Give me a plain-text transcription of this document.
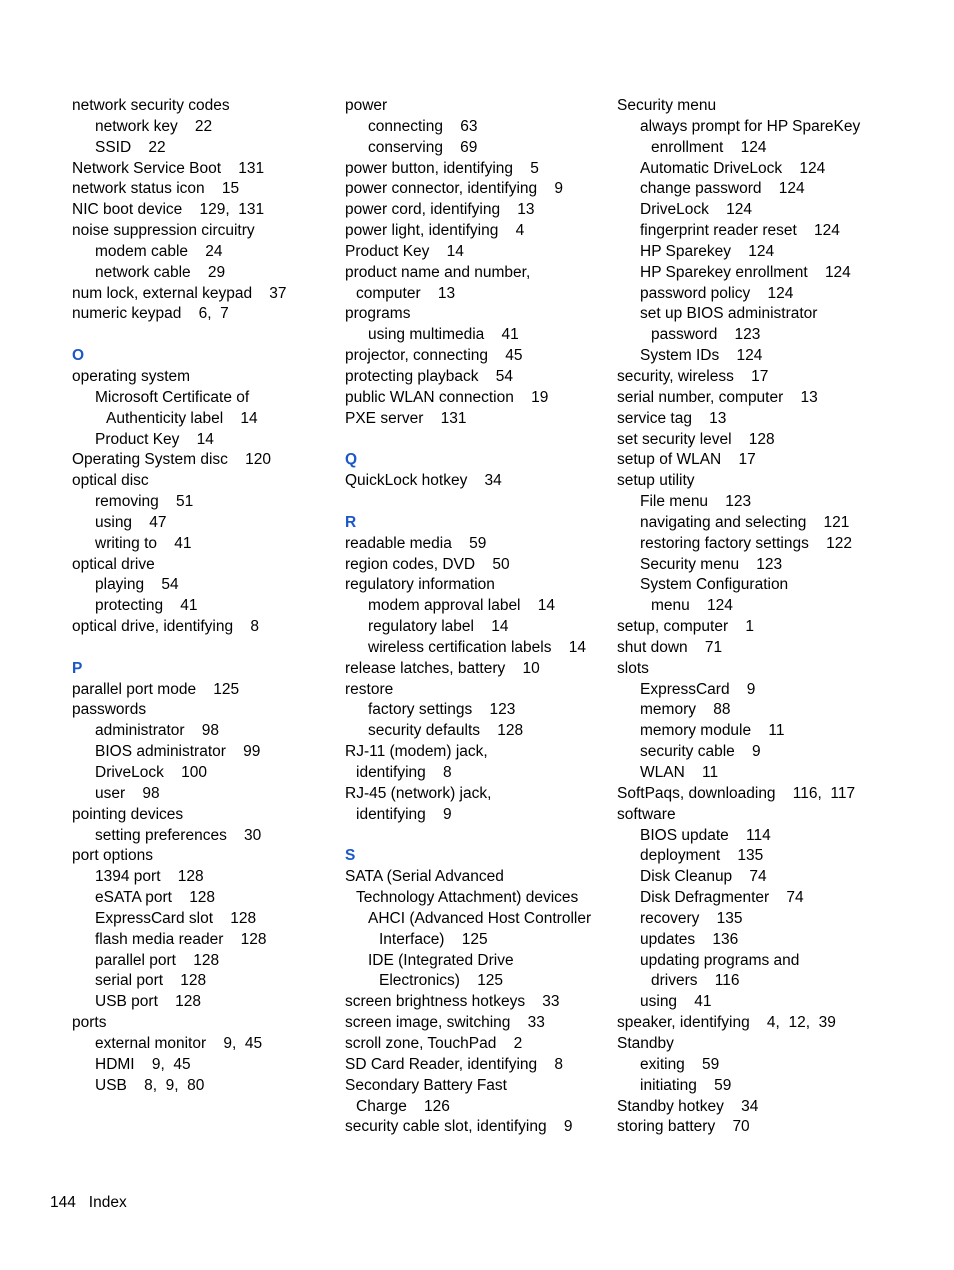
network security codes
network key    22
SSID    22
Network Service Boot    131
network status icon    15
NIC boot device    129,  131
noise suppression circuitry
modem cable    24
network cable    29
num lock, external keypad    37
numeric keypad    6,  7
O
operating system
Microsoft Certificate of
Authenticity label    14
Product Key    14
Operating System disc    120
optical disc
removing    51
using    47
writing to    41
optical drive
playing    54
protecting    41
optical drive, identifying    8
P
parallel port mode    125
passwords
administrator    98
BIOS administrator    99
DriveLock    100
user    98
pointing devices
setting preferences    30
port options
1394 port    128
eSATA port    128
ExpressCard slot    128
flash media reader    128
parallel port    128
serial port    128
USB port    128
ports
external monitor    9,  45
HDMI    9,  45
USB    8,  9,  80
power
connecting    63
conserving    69
power button, identifying    5
power connector, identifying    9
power cord, identifying    13
power light, identifying    4
Product Key    14
product name and number,
computer    13
programs
using multimedia    41
projector, connecting    45
protecting playback    54
public WLAN connection    19
PXE server    131
Q
QuickLock hotkey    34
R
readable media    59
region codes, DVD    50
regulatory information
modem approval label    14
regulatory label    14
wireless certification labels    14
release latches, battery    10
restore
factory settings    123
security defaults    128
RJ-11 (modem) jack,
identifying    8
RJ-45 (network) jack,
identifying    9
S
SATA (Serial Advanced
Technology Attachment) devices
AHCI (Advanced Host Controller
Interface)    125
IDE (Integrated Drive
Electronics)    125
screen brightness hotkeys    33
screen image, switching    33
scroll zone, TouchPad    2
SD Card Reader, identifying    8
Secondary Battery Fast
Charge    126
security cable slot, identifying    9
Security menu
always prompt for HP SpareKey
enrollment    124
Automatic DriveLock    124
change password    124
DriveLock    124
fingerprint reader reset    124
HP Sparekey    124
HP Sparekey enrollment    124
password policy    124
set up BIOS administrator
password    123
System IDs    124
security, wireless    17
serial number, computer    13
service tag    13
set security level    128
setup of WLAN    17
setup utility
File menu    123
navigating and selecting    121
restoring factory settings    122
Security menu    123
System Configuration
menu    124
setup, computer    1
shut down    71
slots
ExpressCard    9
memory    88
memory module    11
security cable    9
WLAN    11
SoftPaqs, downloading    116,  117
software
BIOS update    114
deployment    135
Disk Cleanup    74
Disk Defragmenter    74
recovery    135
updates    136
updating programs and
drivers    116
using    41
speaker, identifying    4,  12,  39
Standby
exiting    59
initiating    59
Standby hotkey    34
storing battery    70
144 Index
